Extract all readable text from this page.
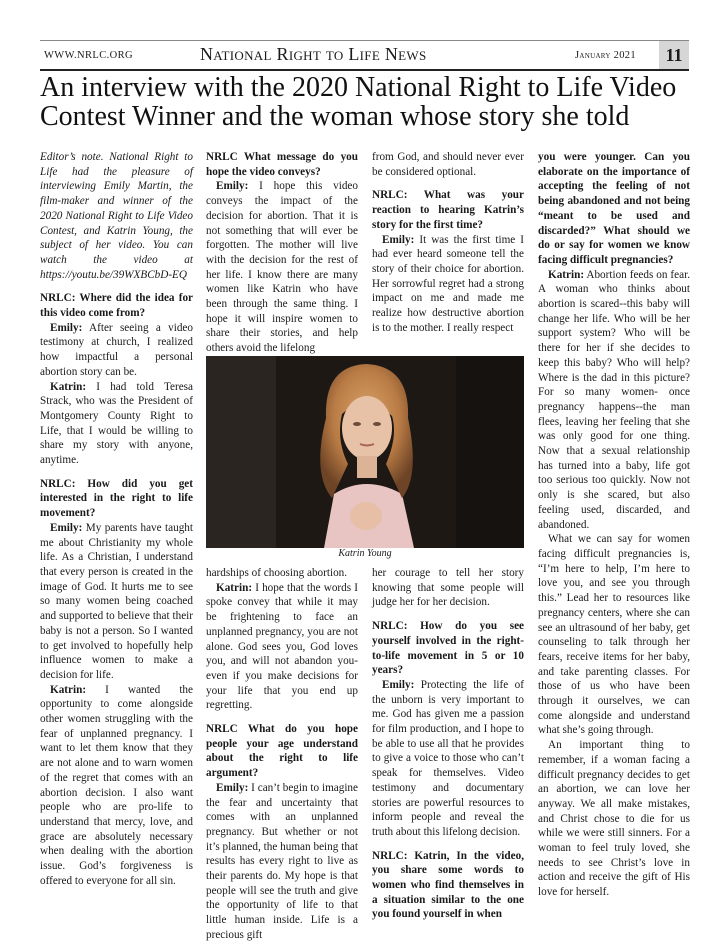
WWW.NRLC.ORG	National Right to Life News	January 2021	11
An interview with the 2020 National Right to Life Video Contest Winner and the woman whose story she told

Editor’s note. National Right to Life had the pleasure of interviewing Emily Martin, the film-maker and winner of the 2020 National Right to Life Video Contest, and Katrin Young, the subject of her video. You can watch the video at https://youtu.be/39WXBCbD-EQ

NRLC: Where did the idea for this video come from?

Emily: After seeing a video testimony at church, I realized how impactful a personal abortion story can be.

Katrin: I had told Teresa Strack, who was the President of Montgomery County Right to Life, that I would be willing to share my story with anyone, anytime.

NRLC: How did you get interested in the right to life movement?

Emily: My parents have taught me about Christianity my whole life. As a Christian, I understand that every person is created in the image of God. It hurts me to see so many women being coached and supported to believe that their baby is not a person. So I wanted to get involved to hopefully help influence women to make a decision for life.

Katrin: I wanted the opportunity to come alongside other women struggling with the fear of unplanned pregnancy. I want to let them know that they are not alone and to warn women of the regret that comes with an abortion decision. I also want people who are pro-life to understand that mercy, love, and grace are absolutely necessary when dealing with the abortion issue. God’s forgiveness is offered to everyone for all sin.

NRLC What message do you hope the video conveys?

Emily: I hope this video conveys the impact of the decision for abortion. That it is not something that will ever be forgotten. The mother will live with the decision for the rest of her life. I know there are many women like Katrin who have been through the same thing. I hope it will inspire women to share their stories, and help others avoid the lifelong

from God, and should never ever be considered optional.

NRLC: What was your reaction to hearing Katrin’s story for the first time?

Emily: It was the first time I had ever heard someone tell the story of their choice for abortion. Her sorrowful regret had a strong impact on me and made me realize how destructive abortion is to the mother. I really respect

Katrin Young

hardships of choosing abortion.

Katrin: I hope that the words I spoke convey that while it may be frightening to face an unplanned pregnancy, you are not alone. God sees you, God loves you, and will not abandon you- even if you make decisions for your life that you end up regretting.

NRLC What do you hope people your age understand about the right to life argument?

Emily: I can’t begin to imagine the fear and uncertainty that comes with an unplanned pregnancy. But whether or not it’s planned, the human being that results has every right to live as their parents do. My hope is that people will see the truth and give the opportunity of life to that little human inside. Life is a precious gift

her courage to tell her story knowing that some people will judge her for her decision.

NRLC: How do you see yourself involved in the right-to-life movement in 5 or 10 years?

Emily: Protecting the life of the unborn is very important to me. God has given me a passion for film production, and I hope to be able to use all that he provides to give a voice to those who can’t speak for themselves. Video testimony and documentary stories are powerful resources to inform people and reveal the truth about this lifelong decision.

NRLC: Katrin, In the video, you share some words to women who find themselves in a situation similar to the one you found yourself in when

you were younger. Can you elaborate on the importance of accepting the feeling of not being abandoned and not being “meant to be used and discarded?” What should we do or say for women we know facing difficult pregnancies?

Katrin: Abortion feeds on fear. A woman who thinks about abortion is scared--this baby will change her life. Who will be her support system? Who will be there for her if she decides to keep this baby? Who will help? Where is the dad in this picture? For so many women- once pregnancy happens--the man flees, leaving her feeling that she was only good for one thing. Now that a sexual relationship has turned into a baby, life got too serious too quickly. Now not only is she scared, but also feeling used, discarded, and abandoned.

What we can say for women facing difficult pregnancies is, “I’m here to help, I’m here to love you, and see you through this.” Lead her to resources like pregnancy centers, where she can see an ultrasound of her baby, get counseling to talk through her fears, receive items for her baby, and take parenting classes. For those of us who have been through it ourselves, we can come alongside and understand what she’s going through.

An important thing to remember, if a woman facing a difficult pregnancy decides to get an abortion, we can love her anyway. We all make mistakes, and Christ chose to die for us while we were still sinners. For a woman to feel truly loved, she needs to see Christ’s love in action and receive the gift of His love for herself.
